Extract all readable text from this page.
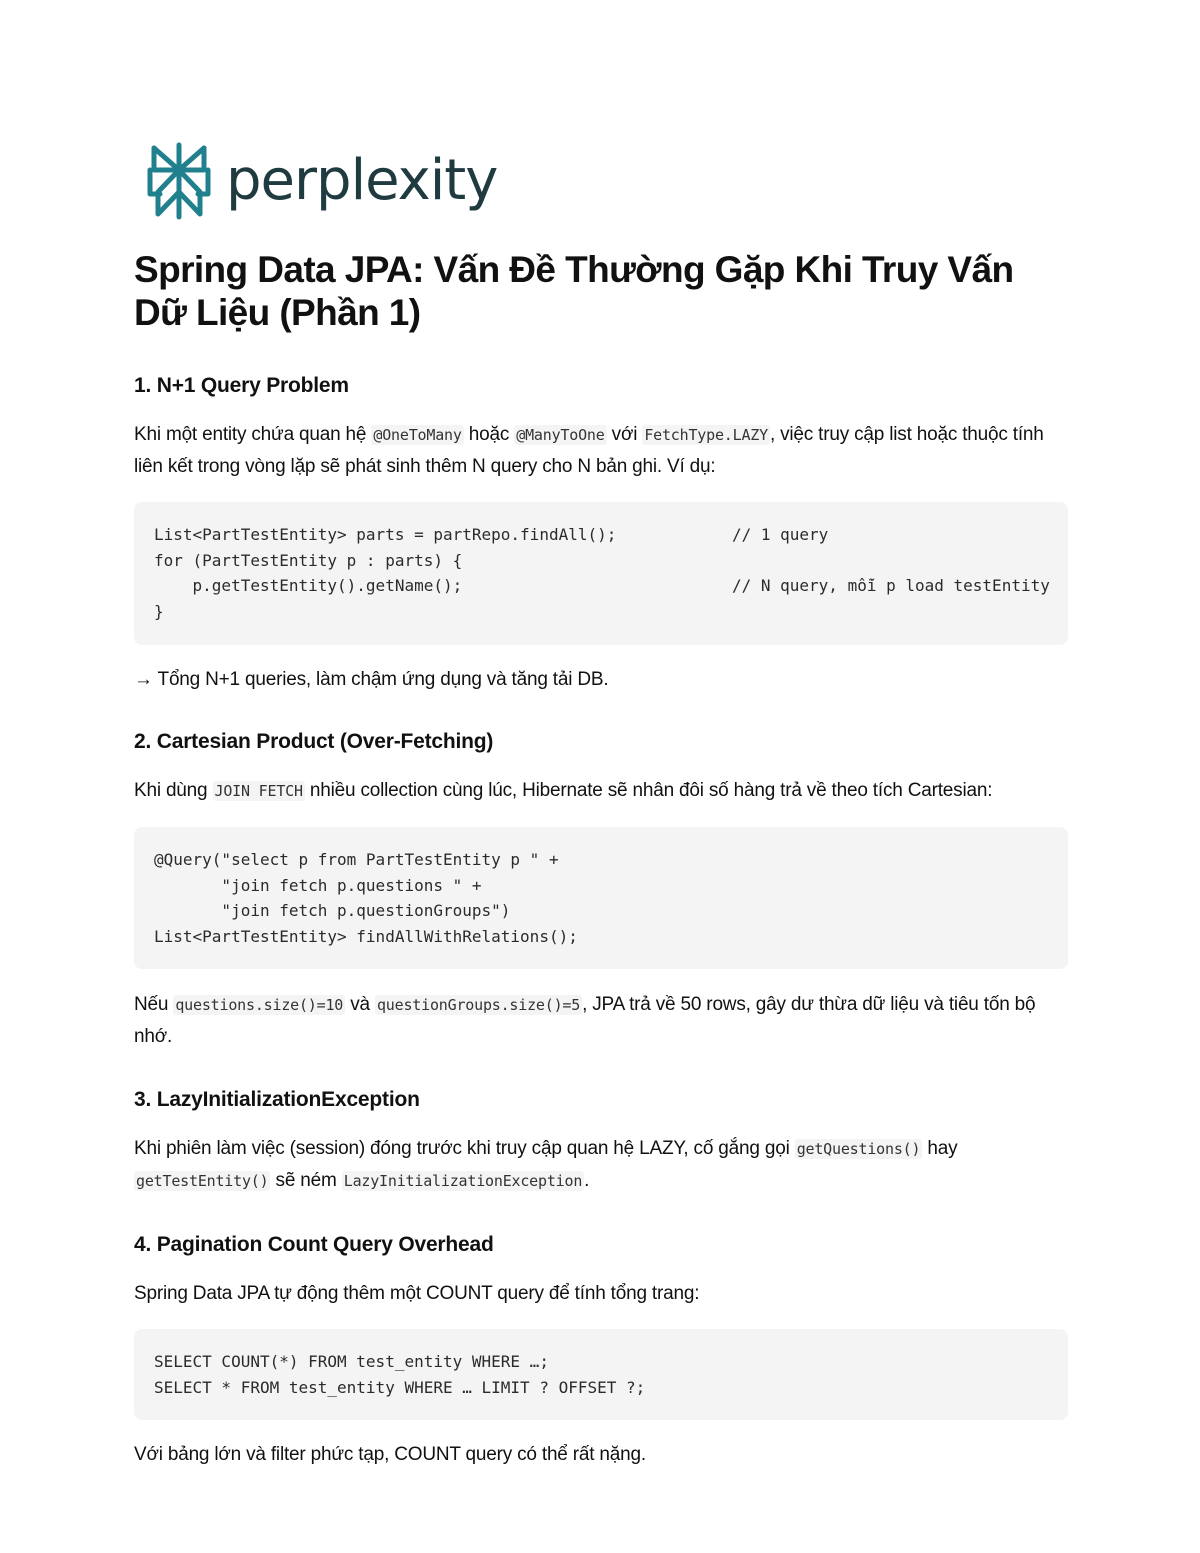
perplexity
Spring Data JPA: Vấn Đề Thường Gặp Khi Truy Vấn Dữ Liệu (Phần 1)
1. N+1 Query Problem

Khi một entity chứa quan hệ @OneToMany hoặc @ManyToOne với FetchType.LAZY , việc truy cập list hoặc thuộc tính liên kết trong vòng lặp sẽ phát sinh thêm N query cho N bản ghi. Ví dụ:

List<PartTestEntity> parts = partRepo.findAll();            // 1 query
for (PartTestEntity p : parts) {
p.getTestEntity().getName();                            // N query, mỗi p load testEntity
}

→ Tổng N+1 queries, làm chậm ứng dụng và tăng tải DB.

2. Cartesian Product (Over-Fetching)

Khi dùng JOIN FETCH nhiều collection cùng lúc, Hibernate sẽ nhân đôi số hàng trả về theo tích Cartesian:

@Query("select p from PartTestEntity p " +
"join fetch p.questions " +
"join fetch p.questionGroups")
List<PartTestEntity> findAllWithRelations();

Nếu questions.size()=10 và questionGroups.size()=5 , JPA trả về 50 rows, gây dư thừa dữ liệu và tiêu tốn bộ nhớ.

3. LazyInitializationException

Khi phiên làm việc (session) đóng trước khi truy cập quan hệ LAZY, cố gắng gọi getQuestions() hay getTestEntity() sẽ ném LazyInitializationException .

4. Pagination Count Query Overhead

Spring Data JPA tự động thêm một COUNT query để tính tổng trang:

SELECT COUNT(*) FROM test_entity WHERE …;
SELECT * FROM test_entity WHERE … LIMIT ? OFFSET ?;

Với bảng lớn và filter phức tạp, COUNT query có thể rất nặng.
